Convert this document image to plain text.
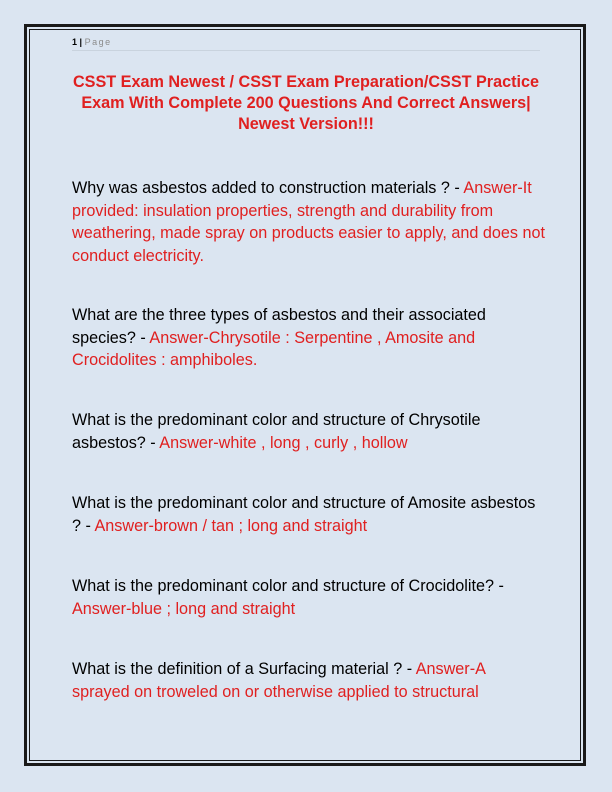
1 | Page
CSST Exam Newest / CSST Exam Preparation/CSST Practice Exam With Complete 200 Questions And Correct Answers| Newest Version!!!
Why was asbestos added to construction materials ? - Answer-It provided: insulation properties, strength and durability from weathering, made spray on products easier to apply, and does not conduct electricity.
What are the three types of asbestos and their associated species? - Answer-Chrysotile : Serpentine , Amosite and Crocidolites : amphiboles.
What is the predominant color and structure of Chrysotile asbestos? - Answer-white , long , curly , hollow
What is the predominant color and structure of Amosite asbestos ? - Answer-brown / tan ; long and straight
What is the predominant color and structure of Crocidolite? - Answer-blue ; long and straight
What is the definition of a Surfacing material ? - Answer-A sprayed on troweled on or otherwise applied to structural
